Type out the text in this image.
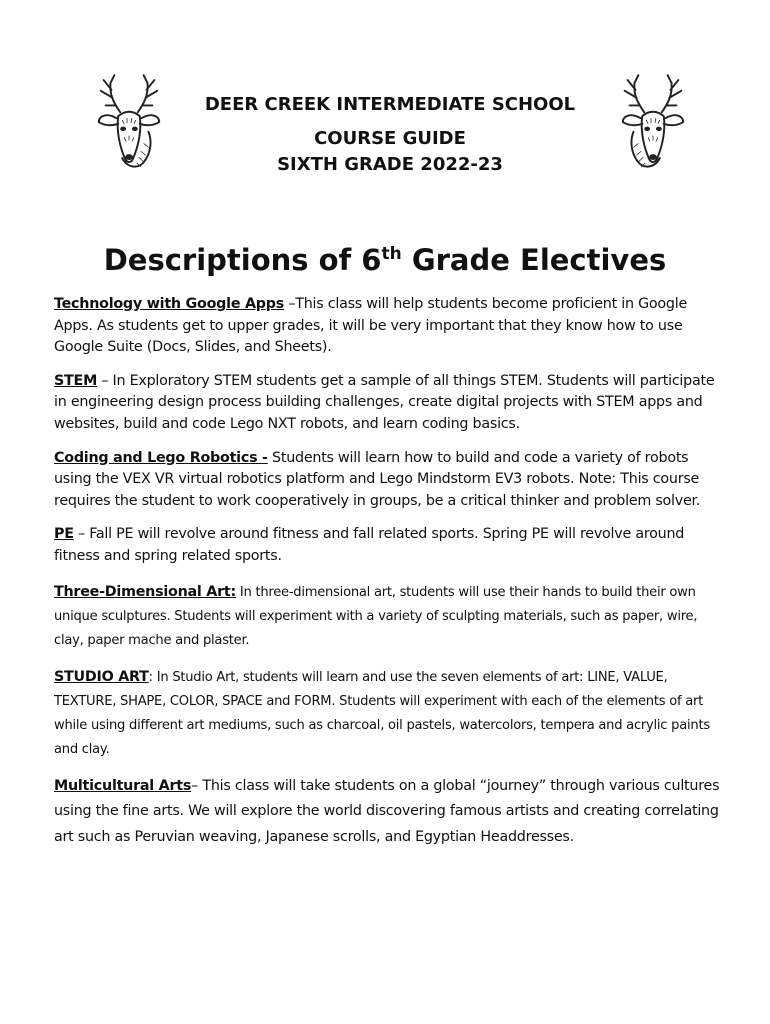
DEER CREEK INTERMEDIATE SCHOOL
COURSE GUIDE
SIXTH GRADE 2022-23
Descriptions of 6th Grade Electives

Technology with Google Apps –This class will help students become proficient in Google Apps. As students get to upper grades, it will be very important that they know how to use Google Suite (Docs, Slides, and Sheets).

STEM – In Exploratory STEM students get a sample of all things STEM. Students will participate in engineering design process building challenges, create digital projects with STEM apps and websites, build and code Lego NXT robots, and learn coding basics.

Coding and Lego Robotics - Students will learn how to build and code a variety of robots using the VEX VR virtual robotics platform and Lego Mindstorm EV3 robots. Note: This course requires the student to work cooperatively in groups, be a critical thinker and problem solver.

PE – Fall PE will revolve around fitness and fall related sports. Spring PE will revolve around fitness and spring related sports.

Three-Dimensional Art: In three-dimensional art, students will use their hands to build their own unique sculptures. Students will experiment with a variety of sculpting materials, such as paper, wire, clay, paper mache and plaster.

STUDIO ART: In Studio Art, students will learn and use the seven elements of art: LINE, VALUE, TEXTURE, SHAPE, COLOR, SPACE and FORM. Students will experiment with each of the elements of art while using different art mediums, such as charcoal, oil pastels, watercolors, tempera and acrylic paints and clay.

Multicultural Arts– This class will take students on a global “journey” through various cultures using the fine arts. We will explore the world discovering famous artists and creating correlating art such as Peruvian weaving, Japanese scrolls, and Egyptian Headdresses.
